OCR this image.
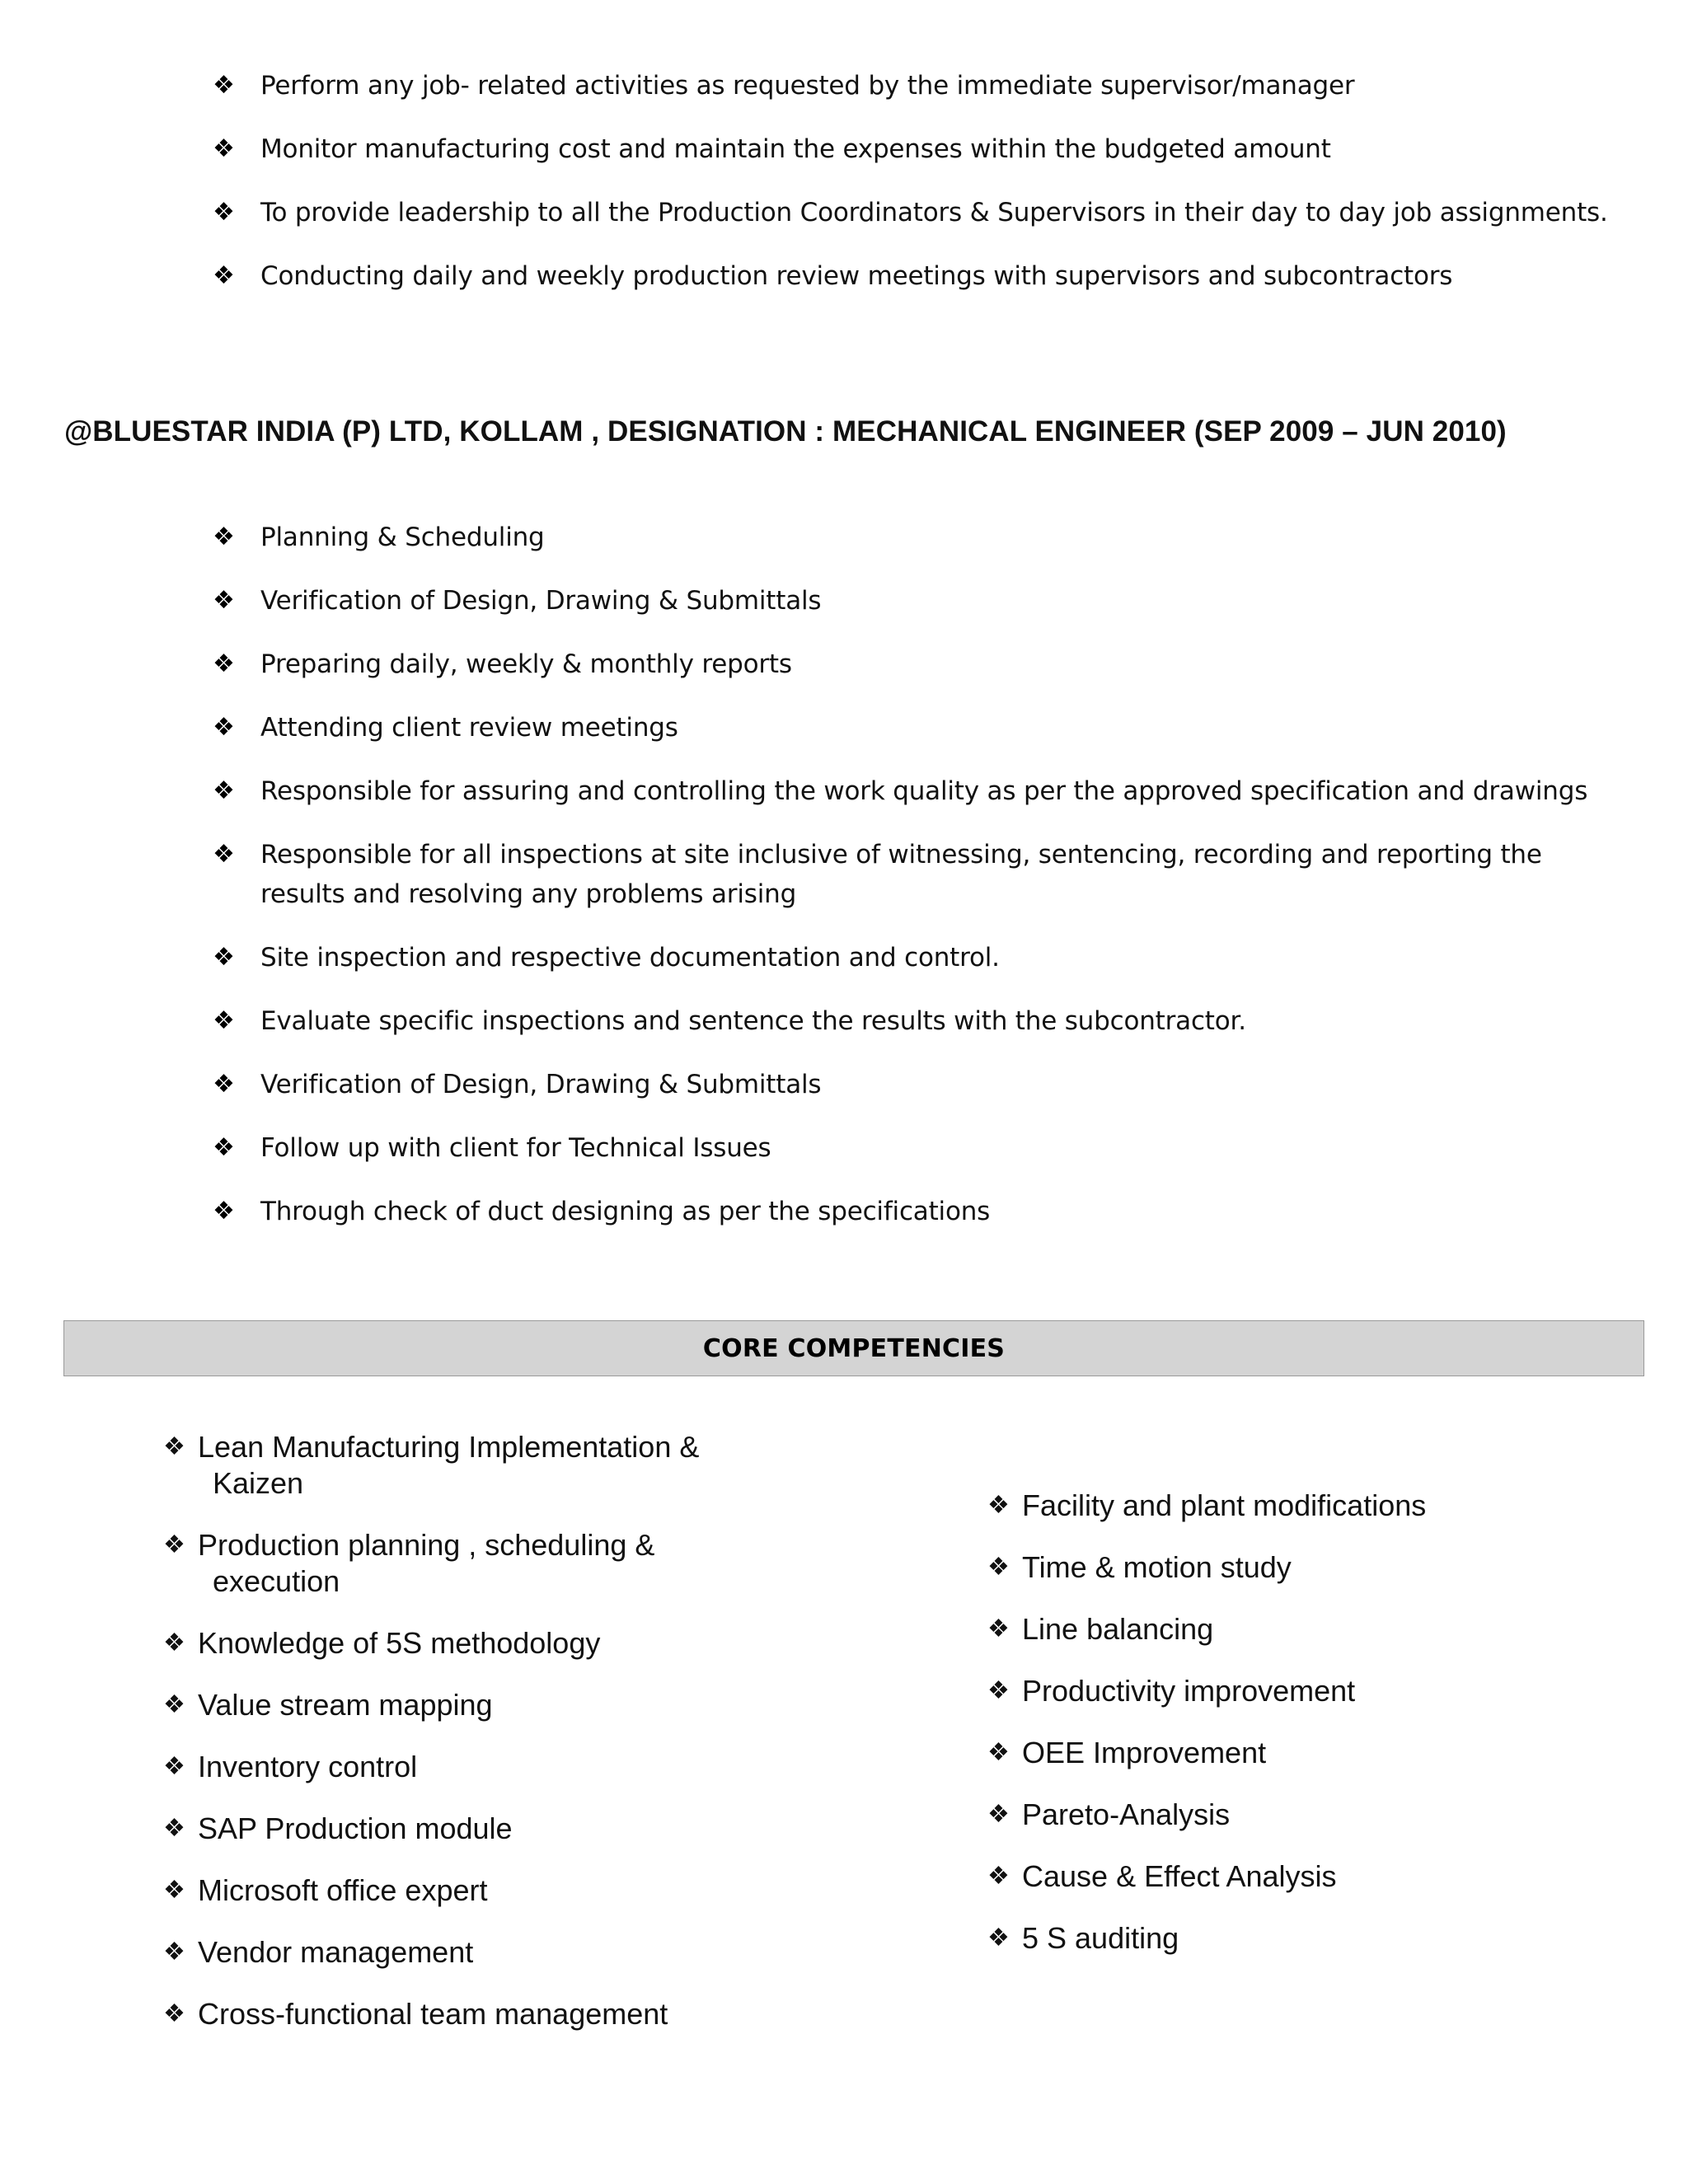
❖ Perform any job- related activities as requested by the immediate supervisor/manager
❖ Monitor manufacturing cost and maintain the expenses within the budgeted amount
❖ To provide leadership to all the Production Coordinators & Supervisors in their day to day job assignments.
❖ Conducting daily and weekly production review meetings with supervisors and subcontractors
@BLUESTAR INDIA (P) LTD, KOLLAM , DESIGNATION : MECHANICAL ENGINEER (SEP 2009 – JUN 2010)
❖ Planning & Scheduling
❖ Verification of Design, Drawing & Submittals
❖ Preparing daily, weekly & monthly reports
❖ Attending client review meetings
❖ Responsible for assuring and controlling the work quality as per the approved specification and drawings
❖ Responsible for all inspections at site inclusive of witnessing, sentencing, recording and reporting the results and resolving any problems arising
❖ Site inspection and respective documentation and control.
❖ Evaluate specific inspections and sentence the results with the subcontractor.
❖ Verification of Design, Drawing & Submittals
❖ Follow up with client for Technical Issues
❖ Through check of duct designing as per the specifications
CORE COMPETENCIES
❖ Lean Manufacturing Implementation &
Kaizen
❖ Production planning , scheduling &
execution
❖ Knowledge of 5S methodology
❖ Value stream mapping
❖ Inventory control
❖ SAP Production module
❖ Microsoft office expert
❖ Vendor management
❖ Cross-functional team management
❖ Facility and plant modifications
❖ Time & motion study
❖ Line balancing
❖ Productivity improvement
❖ OEE Improvement
❖ Pareto-Analysis
❖ Cause & Effect Analysis
❖ 5 S auditing
